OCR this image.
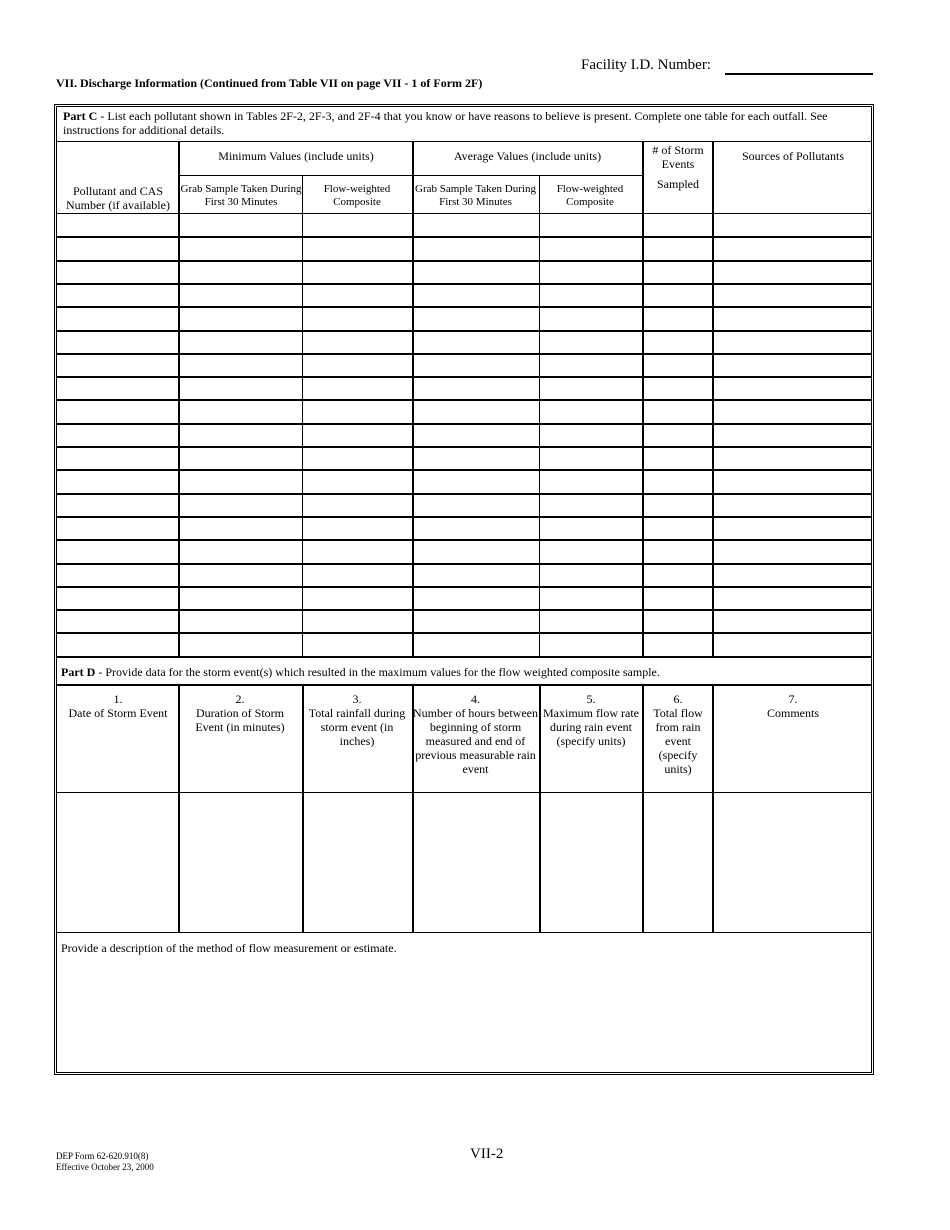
Facility I.D. Number:
VII. Discharge Information (Continued from Table VII on page VII - 1 of Form 2F)
Part C - List each pollutant shown in Tables 2F-2, 2F-3, and 2F-4 that you know or have reasons to believe is present. Complete one table for each outfall. See instructions for additional details.
Minimum Values (include units)	Average Values (include units)	# of Storm Events
Sampled
Sources of Pollutants
Pollutant and CAS Number (if available)
Grab Sample Taken During First 30 Minutes
Flow-weighted Composite
Grab Sample Taken During First 30 Minutes
Flow-weighted Composite
Part D - Provide data for the storm event(s) which resulted in the maximum values for the flow weighted composite sample.
1.
Date of Storm Event
2.
Duration of Storm Event (in minutes)
3.
Total rainfall during storm event (in inches)
4.
Number of hours between beginning of storm measured and end of previous measurable rain event
5.
Maximum flow rate during rain event (specify units)
6.
Total flow from rain event (specify units)
7.
Comments
Provide a description of the method of flow measurement or estimate.
DEP Form 62-620.910(8)
Effective October 23, 2000
VII-2
